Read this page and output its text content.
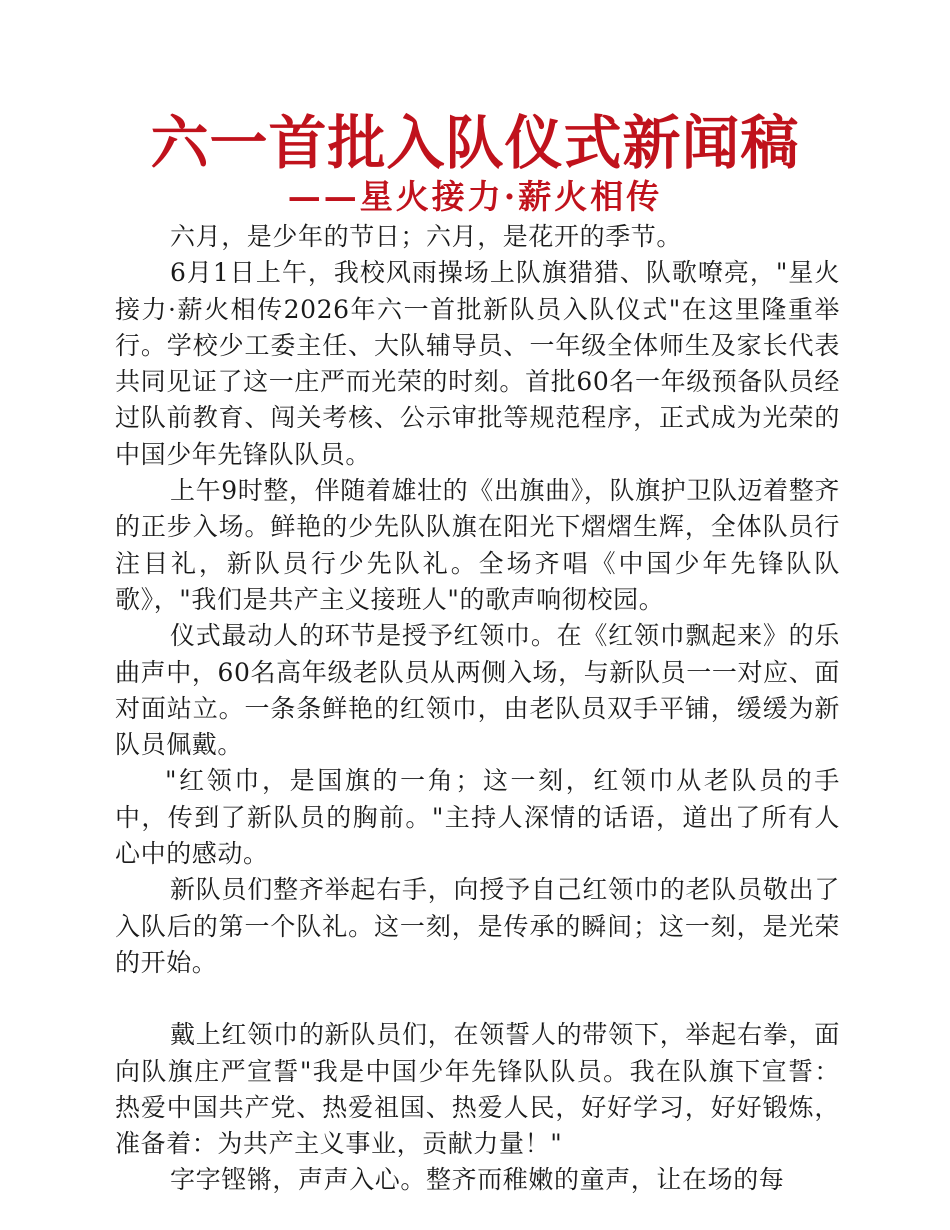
六一首批入队仪式新闻稿
——星火接力·薪火相传

六月，是少年的节日；六月，是花开的季节。

6月1日上午，我校风雨操场上队旗猎猎、队歌嘹亮，"星火接力·薪火相传2026年六一首批新队员入队仪式"在这里隆重举行。学校少工委主任、大队辅导员、一年级全体师生及家长代表共同见证了这一庄严而光荣的时刻。首批60名一年级预备队员经过队前教育、闯关考核、公示审批等规范程序，正式成为光荣的中国少年先锋队队员。

上午9时整，伴随着雄壮的《出旗曲》，队旗护卫队迈着整齐的正步入场。鲜艳的少先队队旗在阳光下熠熠生辉，全体队员行注目礼，新队员行少先队礼。全场齐唱《中国少年先锋队队歌》，"我们是共产主义接班人"的歌声响彻校园。

仪式最动人的环节是授予红领巾。在《红领巾飘起来》的乐曲声中，60名高年级老队员从两侧入场，与新队员一一对应、面对面站立。一条条鲜艳的红领巾，由老队员双手平铺，缓缓为新队员佩戴。

"红领巾，是国旗的一角；这一刻，红领巾从老队员的手中，传到了新队员的胸前。"主持人深情的话语，道出了所有人心中的感动。

新队员们整齐举起右手，向授予自己红领巾的老队员敬出了入队后的第一个队礼。这一刻，是传承的瞬间；这一刻，是光荣的开始。

戴上红领巾的新队员们，在领誓人的带领下，举起右拳，面向队旗庄严宣誓"我是中国少年先锋队队员。我在队旗下宣誓：热爱中国共产党、热爱祖国、热爱人民，好好学习，好好锻炼，准备着：为共产主义事业，贡献力量！"

字字铿锵，声声入心。整齐而稚嫩的童声，让在场的每
